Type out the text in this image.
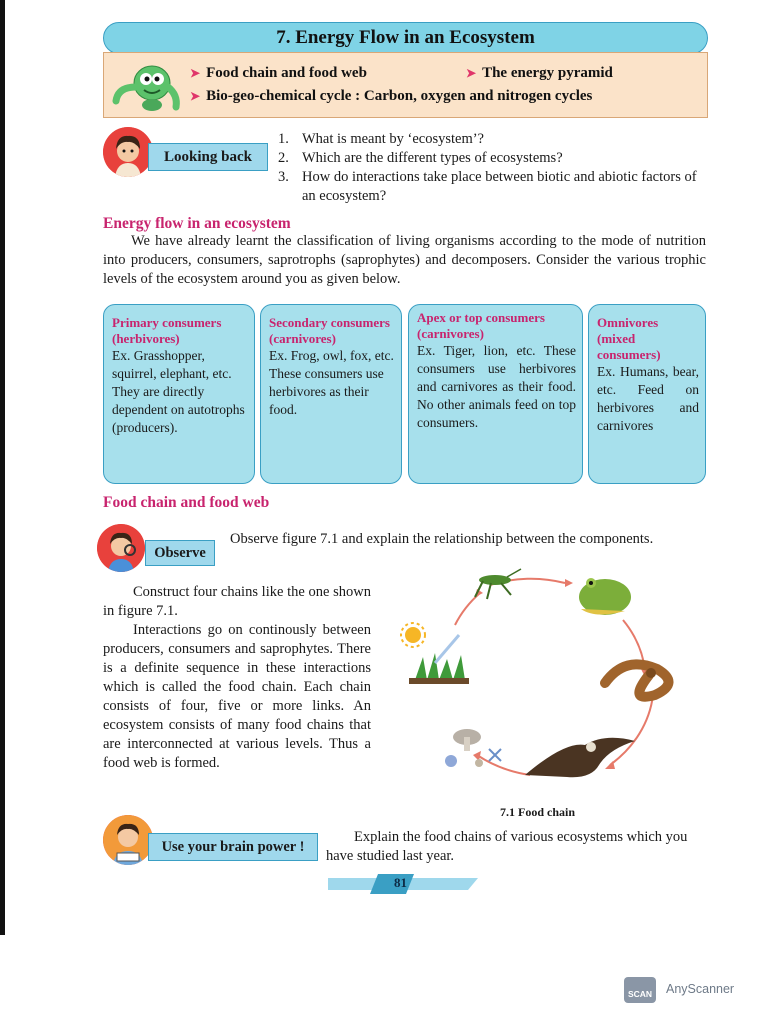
7. Energy Flow in an Ecosystem
➤ Food chain and food web	➤ The energy pyramid
➤ Bio-geo-chemical cycle : Carbon, oxygen and nitrogen cycles
Looking back
1. What is meant by ‘ecosystem’?
2. Which are the different types of ecosystems?
3. How do interactions take place between biotic and abiotic factors of an ecosystem?
Energy flow in an ecosystem
We have already learnt the classification of living organisms according to the mode of nutrition into producers, consumers, saprotrophs (saprophytes) and decomposers. Consider the various trophic levels of the ecosystem around you as given below.
Primary consumers (herbivores)
Ex. Grasshopper, squirrel, elephant, etc. They are directly dependent on autotrophs (producers).
Secondary consumers (carnivores)
Ex. Frog, owl, fox, etc. These consumers use herbivores as their food.
Apex or top consumers (carnivores)
Ex. Tiger, lion, etc. These consumers use herbivores and carnivores as their food. No other animals feed on top consumers.
Omnivores (mixed consumers)
Ex. Humans, bear, etc. Feed on herbivores and carnivores
Food chain and food web
Observe
Observe figure 7.1 and explain the relationship between the components.
Construct four chains like the one shown in figure 7.1.
Interactions go on continously between producers, consumers and saprophytes. There is a definite sequence in these interactions which is called the food chain. Each chain consists of four, five or more links. An ecosystem consists of many food chains that are interconnected at various levels. Thus a food web is formed.
7.1 Food chain
Use your brain power !
Explain the food chains of various ecosystems which you have studied last year.
81
SCAN	AnyScanner
